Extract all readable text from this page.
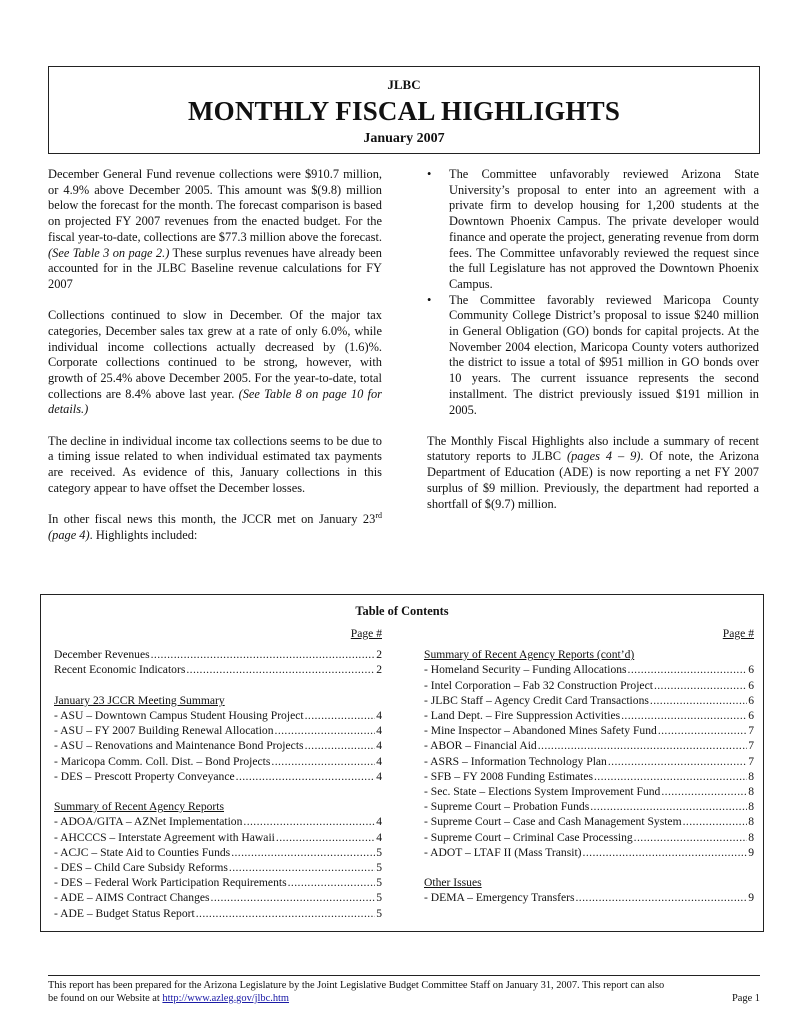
JLBC
MONTHLY FISCAL HIGHLIGHTS
January 2007

December General Fund revenue collections were $910.7 million, or 4.9% above December 2005. This amount was $(9.8) million below the forecast for the month. The forecast comparison is based on projected FY 2007 revenues from the enacted budget. For the fiscal year-to-date, collections are $77.3 million above the forecast. (See Table 3 on page 2.) These surplus revenues have already been accounted for in the JLBC Baseline revenue calculations for FY 2007

Collections continued to slow in December. Of the major tax categories, December sales tax grew at a rate of only 6.0%, while individual income collections actually decreased by (1.6)%. Corporate collections continued to be strong, however, with growth of 25.4% above December 2005. For the year-to-date, total collections are 8.4% above last year. (See Table 8 on page 10 for details.)

The decline in individual income tax collections seems to be due to a timing issue related to when individual estimated tax payments are received. As evidence of this, January collections in this category appear to have offset the December losses.

In other fiscal news this month, the JCCR met on January 23rd (page 4). Highlights included:

• The Committee unfavorably reviewed Arizona State University’s proposal to enter into an agreement with a private firm to develop housing for 1,200 students at the Downtown Phoenix Campus. The private developer would finance and operate the project, generating revenue from dorm fees. The Committee unfavorably reviewed the request since the full Legislature has not approved the Downtown Phoenix Campus.
• The Committee favorably reviewed Maricopa County Community College District’s proposal to issue $240 million in General Obligation (GO) bonds for capital projects. At the November 2004 election, Maricopa County voters authorized the district to issue a total of $951 million in GO bonds over 10 years. The current issuance represents the second installment. The district previously issued $191 million in 2005.

The Monthly Fiscal Highlights also include a summary of recent statutory reports to JLBC (pages 4 – 9). Of note, the Arizona Department of Education (ADE) is now reporting a net FY 2007 surplus of $9 million. Previously, the department had reported a shortfall of $(9.7) million.

Table of Contents
Page #
December Revenues .....	2
Recent Economic Indicators .....	2
January 23 JCCR Meeting Summary
- ASU – Downtown Campus Student Housing Project .....	4
- ASU – FY 2007 Building Renewal Allocation .....	4
- ASU – Renovations and Maintenance Bond Projects .....	4
- Maricopa Comm. Coll. Dist. – Bond Projects .....	4
- DES – Prescott Property Conveyance .....	4
Summary of Recent Agency Reports
- ADOA/GITA – AZNet Implementation .....	4
- AHCCCS – Interstate Agreement with Hawaii .....	4
- ACJC – State Aid to Counties Funds .....	5
- DES – Child Care Subsidy Reforms .....	5
- DES – Federal Work Participation Requirements .....	5
- ADE – AIMS Contract Changes .....	5
- ADE – Budget Status Report .....	5
Page #
Summary of Recent Agency Reports (cont’d)
- Homeland Security – Funding Allocations .....	6
- Intel Corporation – Fab 32 Construction Project .....	6
- JLBC Staff – Agency Credit Card Transactions .....	6
- Land Dept. – Fire Suppression Activities .....	6
- Mine Inspector – Abandoned Mines Safety Fund .....	7
- ABOR – Financial Aid .....	7
- ASRS – Information Technology Plan .....	7
- SFB – FY 2008 Funding Estimates .....	8
- Sec. State – Elections System Improvement Fund .....	8
- Supreme Court – Probation Funds .....	8
- Supreme Court – Case and Cash Management System .....	8
- Supreme Court – Criminal Case Processing .....	8
- ADOT – LTAF II (Mass Transit) .....	9
Other Issues
- DEMA – Emergency Transfers .....	9
This report has been prepared for the Arizona Legislature by the Joint Legislative Budget Committee Staff on January 31, 2007. This report can also
be found on our Website at http://www.azleg.gov/jlbc.htm	Page 1
